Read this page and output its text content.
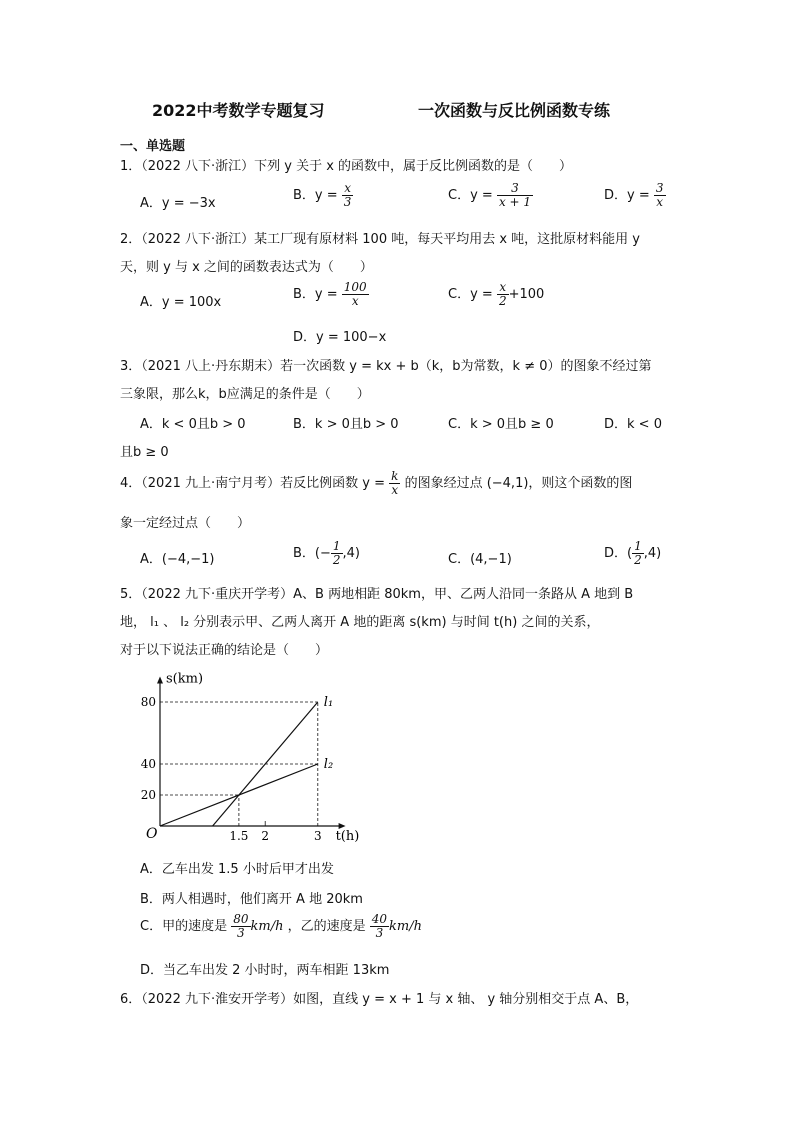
2022中考数学专题复习	一次函数与反比例函数专练
一、单选题
1．（2022 八下·浙江）下列 y 关于 x 的函数中，属于反比例函数的是（　　）
A．y = −3x
B．$y = \frac{x}{3}$	C．$y = \frac{3}{x + 1}$	D．$y = \frac{3}{x}$
2．（2022 八下·浙江）某工厂现有原材料 100 吨，每天平均用去 x 吨，这批原材料能用 y
天，则 y 与 x 之间的函数表达式为（　　）
A．y = 100x
B．$y = \frac{100}{x}$	C．$y = \frac{x}{2} +100$
D．y = 100−x
3．（2021 八上·丹东期末）若一次函数 y = kx + b（k，b为常数，k ≠ 0）的图象不经过第
三象限，那么k，b应满足的条件是（　　）
A．k < 0且b > 0	B．k > 0且b > 0	C．k > 0且b ≥ 0	D．k < 0
且b ≥ 0
4．（2021 九上·南宁月考）若反比例函数 $y = \frac{k}{x}$ 的图象经过点 (−4,1)，则这个函数的图
象一定经过点（　　）
A．(−4,−1)	B．(− $\frac{1}{2} ,4$)	C．(4,−1)	D．( $\frac{1}{2} ,4$)
5．（2022 九下·重庆开学考）A、B 两地相距 80km，甲、乙两人沿同一条路从 A 地到 B
地， l₁ 、 l₂ 分别表示甲、乙两人离开 A 地的距离 s(km) 与时间 t(h) 之间的关系，
对于以下说法正确的结论是（　　）
s(km)
t(h)
O
20
40
80
1.5 2	3
l₁
l₂
A．乙车出发 1.5 小时后甲才出发
B．两人相遇时，他们离开 A 地 20km
C．甲的速度是 $\frac{80}{3} km/h$ ，乙的速度是 $\frac{40}{3} km/h$
D．当乙车出发 2 小时时，两车相距 13km
6．（2022 九下·淮安开学考）如图，直线 y = x + 1 与 x 轴、 y 轴分别相交于点 A、B，
